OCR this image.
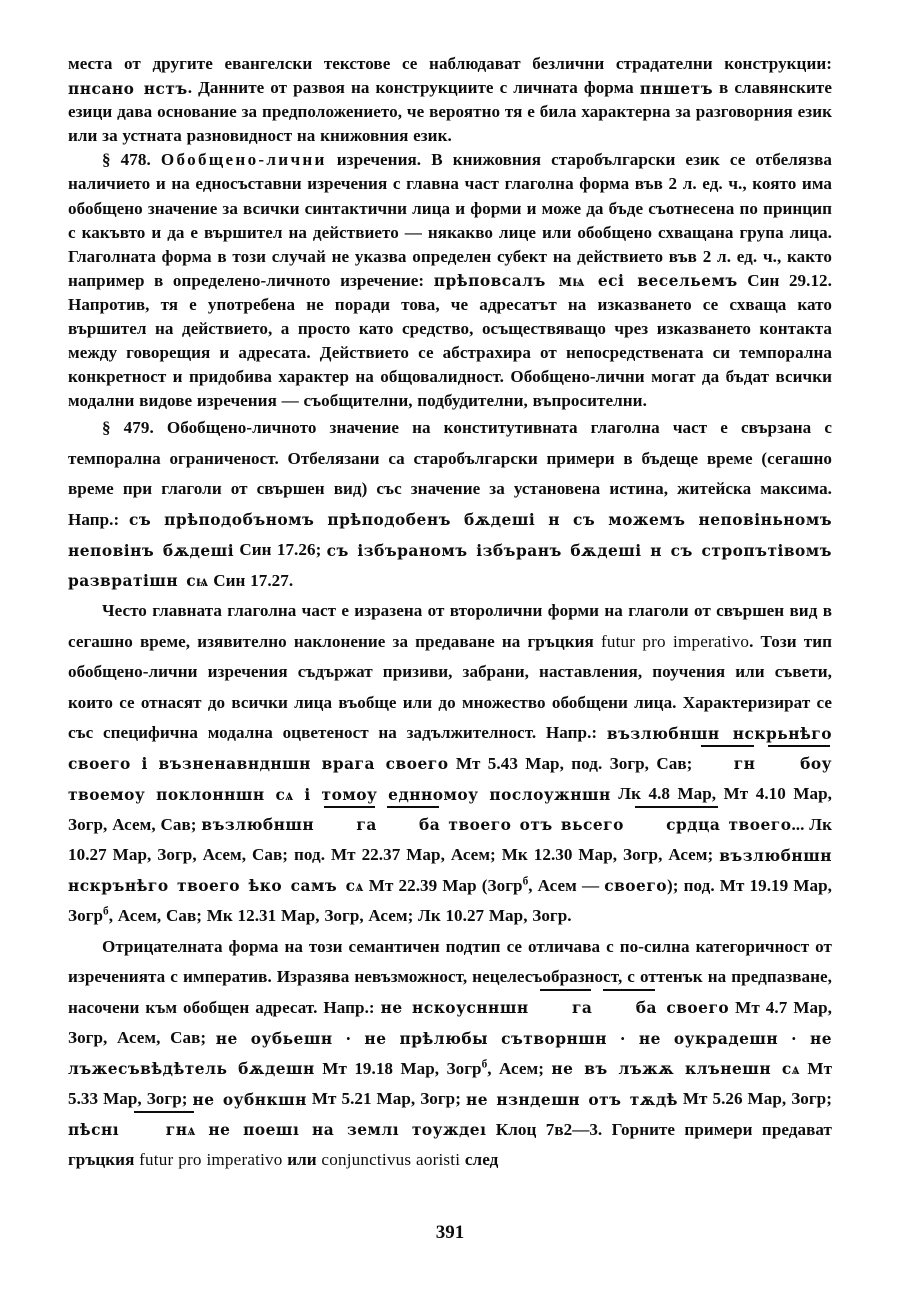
места от другите евангелски текстове се наблюдават безлични страдателни конструкции: пнсано нстъ. Данните от развоя на конструкциите с личната форма пншетъ в славянските езици дава основание за предположението, че вероятно тя е била характерна за разговорния език или за устната разновидност на книжовния език.

§ 478. Обобщено-лични изречения. В книжовния старобългарски език се отбелязва наличието и на едносъставни изречения с главна част глаголна форма във 2 л. ед. ч., която има обобщено значение за всички синтактични лица и форми и може да бъде съотнесена по принцип с какъвто и да е вършител на действието — някакво лице или обобщено схващана група лица. Глаголната форма в този случай не указва определен субект на действието във 2 л. ед. ч., както например в определено-личното изречение: прѣповсалъ мѩ есі весельемъ Син 29.12. Напротив, тя е употребена не поради това, че адресатът на изказването се схваща като вършител на действието, а просто като средство, осъществяващо чрез изказването контакта между говорещия и адресата. Действието се абстрахира от непосредствената си темпорална конкретност и придобива характер на общовалидност. Обобщено-лични могат да бъдат всички модални видове изречения — съобщителни, подбудителни, въпросителни.

§ 479. Обобщено-личното значение на конститутивната глаголна част е свързана с темпорална ограниченост. Отбелязани са старобългарски примери в бъдеще време (сегашно време при глаголи от свършен вид) със значение за установена истина, житейска максима. Напр.: съ прѣподобъномъ прѣподобенъ бѫдеші н съ можемъ неповіньномъ неповінъ бѫдеші Син 17.26; съ ізбъраномъ ізбъранъ бѫдеші н съ стропътівомъ развратішн сѩ Син 17.27.

Често главната глаголна част е изразена от второлични форми на глаголи от свършен вид в сегашно време, изявително наклонение за предаване на гръцкия futur pro imperativo. Този тип обобщено-лични изречения съдържат призиви, забрани, наставления, поучения или съвети, които се отнасят до всички лица въобще или до множество обобщени лица. Характеризират се със специфична модална оцветеност на задължителност. Напр.: възлюбншн нскрьнѣго своего і възненавндншн врага своего Мт 5.43 Мар, под. Зогр, Сав; гн	боу твоемоу поклонншн сѧ і томоу еднномоу послоужншн Лк 4.8 Мар, Мт 4.10 Мар, Зогр, Асем, Сав; възлюбншн га	ба твоего отъ вьсего срдца твоего... Лк 10.27 Мар, Зогр, Асем, Сав; под. Мт 22.37 Мар, Асем; Мк 12.30 Мар, Зогр, Асем; възлюбншн нскрънѣго твоего ѣко самъ сѧ Мт 22.39 Мар (Зогр$^б$, Асем — своего); под. Мт 19.19 Мар, Зогр$^б$, Асем, Сав; Мк 12.31 Мар, Зогр, Асем; Лк 10.27 Мар, Зогр.

Отрицателната форма на този семантичен подтип се отличава с по-силна категоричност от изреченията с императив. Изразява невъзможност, нецелесъобразност, с оттенък на предпазване, насочени към обобщен адресат. Напр.: не нскоуснншн га	ба своего Мт 4.7 Мар, Зогр, Асем, Сав; не оубьешн · не прѣлюбы сътворншн · не оукрадешн · не лъжесъвѣдѣтель бѫдешн Мт 19.18 Мар, Зогр$^б$, Асем; не въ лъжѫ клънешн сѧ Мт 5.33 Мар, Зогр; не оубнкшн Мт 5.21 Мар, Зогр; не нзндешн отъ тѫдѣ Мт 5.26 Мар, Зогр; пѣснı гнѧ не поешı на землı тоуждеı Клоц 7в2—3. Горните примери предават гръцкия futur pro imperativo или conjunctivus aoristi след

391
